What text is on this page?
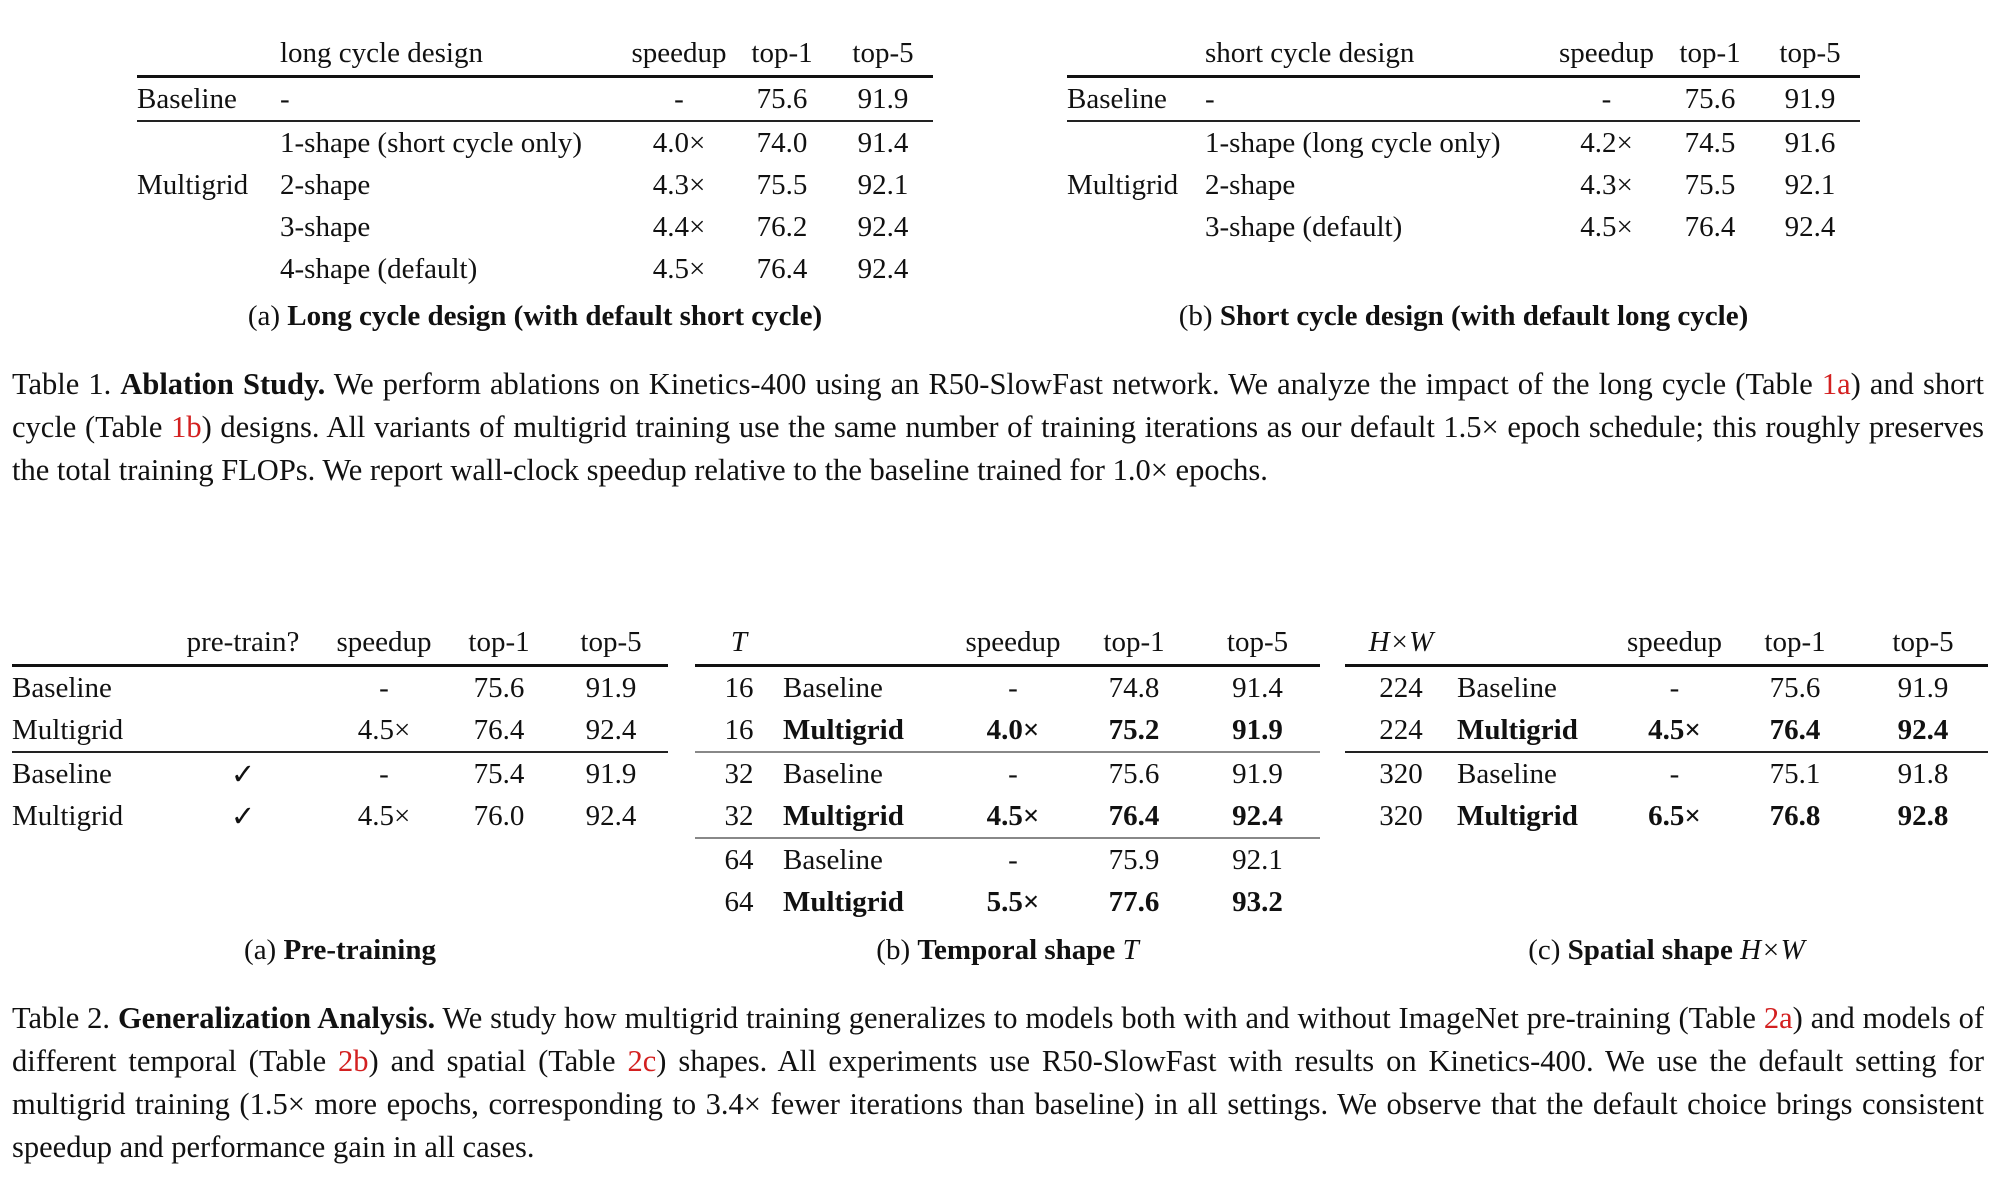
	long cycle design	speedup	top-1	top-5
Baseline	-	-	75.6	91.9
Multigrid	1-shape (short cycle only)	4.0×	74.0	91.4
	2-shape	4.3×	75.5	92.1
	3-shape	4.4×	76.2	92.4
	4-shape (default)	4.5×	76.4	92.4
(a) Long cycle design (with default short cycle)
	short cycle design	speedup	top-1	top-5
Baseline	-	-	75.6	91.9
Multigrid	1-shape (long cycle only)	4.2×	74.5	91.6
	2-shape	4.3×	75.5	92.1
	3-shape (default)	4.5×	76.4	92.4
(b) Short cycle design (with default long cycle)
Table 1. Ablation Study. We perform ablations on Kinetics-400 using an R50-SlowFast network. We analyze the impact of the long cycle (Table 1a) and short cycle (Table 1b) designs. All variants of multigrid training use the same number of training iterations as our default 1.5× epoch schedule; this roughly preserves the total training FLOPs. We report wall-clock speedup relative to the baseline trained for 1.0× epochs.
	pre-train?	speedup	top-1	top-5
Baseline		-	75.6	91.9
Multigrid		4.5×	76.4	92.4
Baseline	✓	-	75.4	91.9
Multigrid	✓	4.5×	76.0	92.4
(a) Pre-training
T		speedup	top-1	top-5
16	Baseline	-	74.8	91.4
16	Multigrid	4.0×	75.2	91.9
32	Baseline	-	75.6	91.9
32	Multigrid	4.5×	76.4	92.4
64	Baseline	-	75.9	92.1
64	Multigrid	5.5×	77.6	93.2
(b) Temporal shape T
H×W		speedup	top-1	top-5
224	Baseline	-	75.6	91.9
224	Multigrid	4.5×	76.4	92.4
320	Baseline	-	75.1	91.8
320	Multigrid	6.5×	76.8	92.8
(c) Spatial shape H×W
Table 2. Generalization Analysis. We study how multigrid training generalizes to models both with and without ImageNet pre-training (Table 2a) and models of different temporal (Table 2b) and spatial (Table 2c) shapes. All experiments use R50-SlowFast with results on Kinetics-400. We use the default setting for multigrid training (1.5× more epochs, corresponding to 3.4× fewer iterations than baseline) in all settings. We observe that the default choice brings consistent speedup and performance gain in all cases.
